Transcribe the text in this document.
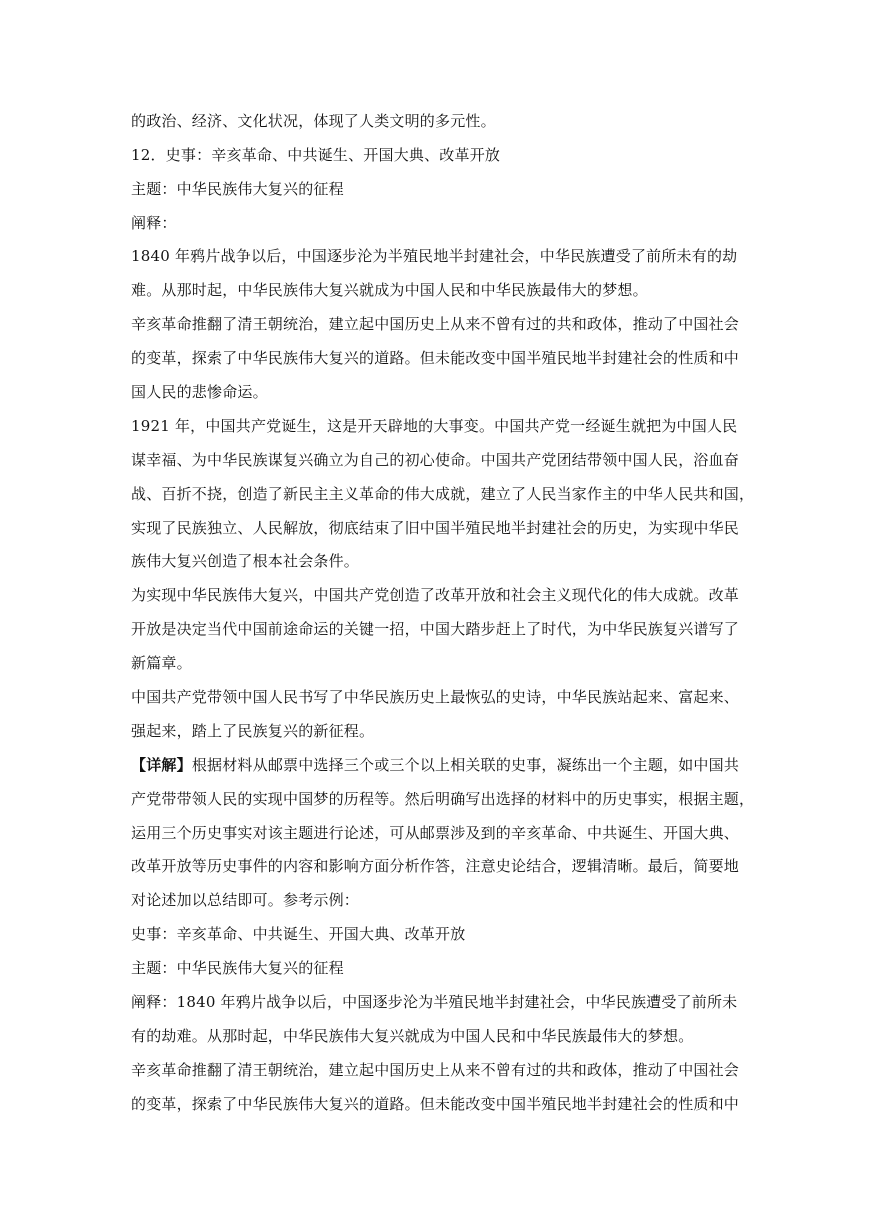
的政治、经济、文化状况，体现了人类文明的多元性。
12．史事：辛亥革命、中共诞生、开国大典、改革开放
主题：中华民族伟大复兴的征程
阐释：
1840 年鸦片战争以后，中国逐步沦为半殖民地半封建社会，中华民族遭受了前所未有的劫
难。从那时起，中华民族伟大复兴就成为中国人民和中华民族最伟大的梦想。
辛亥革命推翻了清王朝统治，建立起中国历史上从来不曾有过的共和政体，推动了中国社会
的变革，探索了中华民族伟大复兴的道路。但未能改变中国半殖民地半封建社会的性质和中
国人民的悲惨命运。
1921 年，中国共产党诞生，这是开天辟地的大事变。中国共产党一经诞生就把为中国人民
谋幸福、为中华民族谋复兴确立为自己的初心使命。中国共产党团结带领中国人民，浴血奋
战、百折不挠，创造了新民主主义革命的伟大成就，建立了人民当家作主的中华人民共和国，
实现了民族独立、人民解放，彻底结束了旧中国半殖民地半封建社会的历史，为实现中华民
族伟大复兴创造了根本社会条件。
为实现中华民族伟大复兴，中国共产党创造了改革开放和社会主义现代化的伟大成就。改革
开放是决定当代中国前途命运的关键一招，中国大踏步赶上了时代，为中华民族复兴谱写了
新篇章。
中国共产党带领中国人民书写了中华民族历史上最恢弘的史诗，中华民族站起来、富起来、
强起来，踏上了民族复兴的新征程。
【详解】根据材料从邮票中选择三个或三个以上相关联的史事，凝练出一个主题，如中国共
产党带带领人民的实现中国梦的历程等。然后明确写出选择的材料中的历史事实，根据主题，
运用三个历史事实对该主题进行论述，可从邮票涉及到的辛亥革命、中共诞生、开国大典、
改革开放等历史事件的内容和影响方面分析作答，注意史论结合，逻辑清晰。最后，简要地
对论述加以总结即可。参考示例：
史事：辛亥革命、中共诞生、开国大典、改革开放
主题：中华民族伟大复兴的征程
阐释：1840 年鸦片战争以后，中国逐步沦为半殖民地半封建社会，中华民族遭受了前所未
有的劫难。从那时起，中华民族伟大复兴就成为中国人民和中华民族最伟大的梦想。
辛亥革命推翻了清王朝统治，建立起中国历史上从来不曾有过的共和政体，推动了中国社会
的变革，探索了中华民族伟大复兴的道路。但未能改变中国半殖民地半封建社会的性质和中
